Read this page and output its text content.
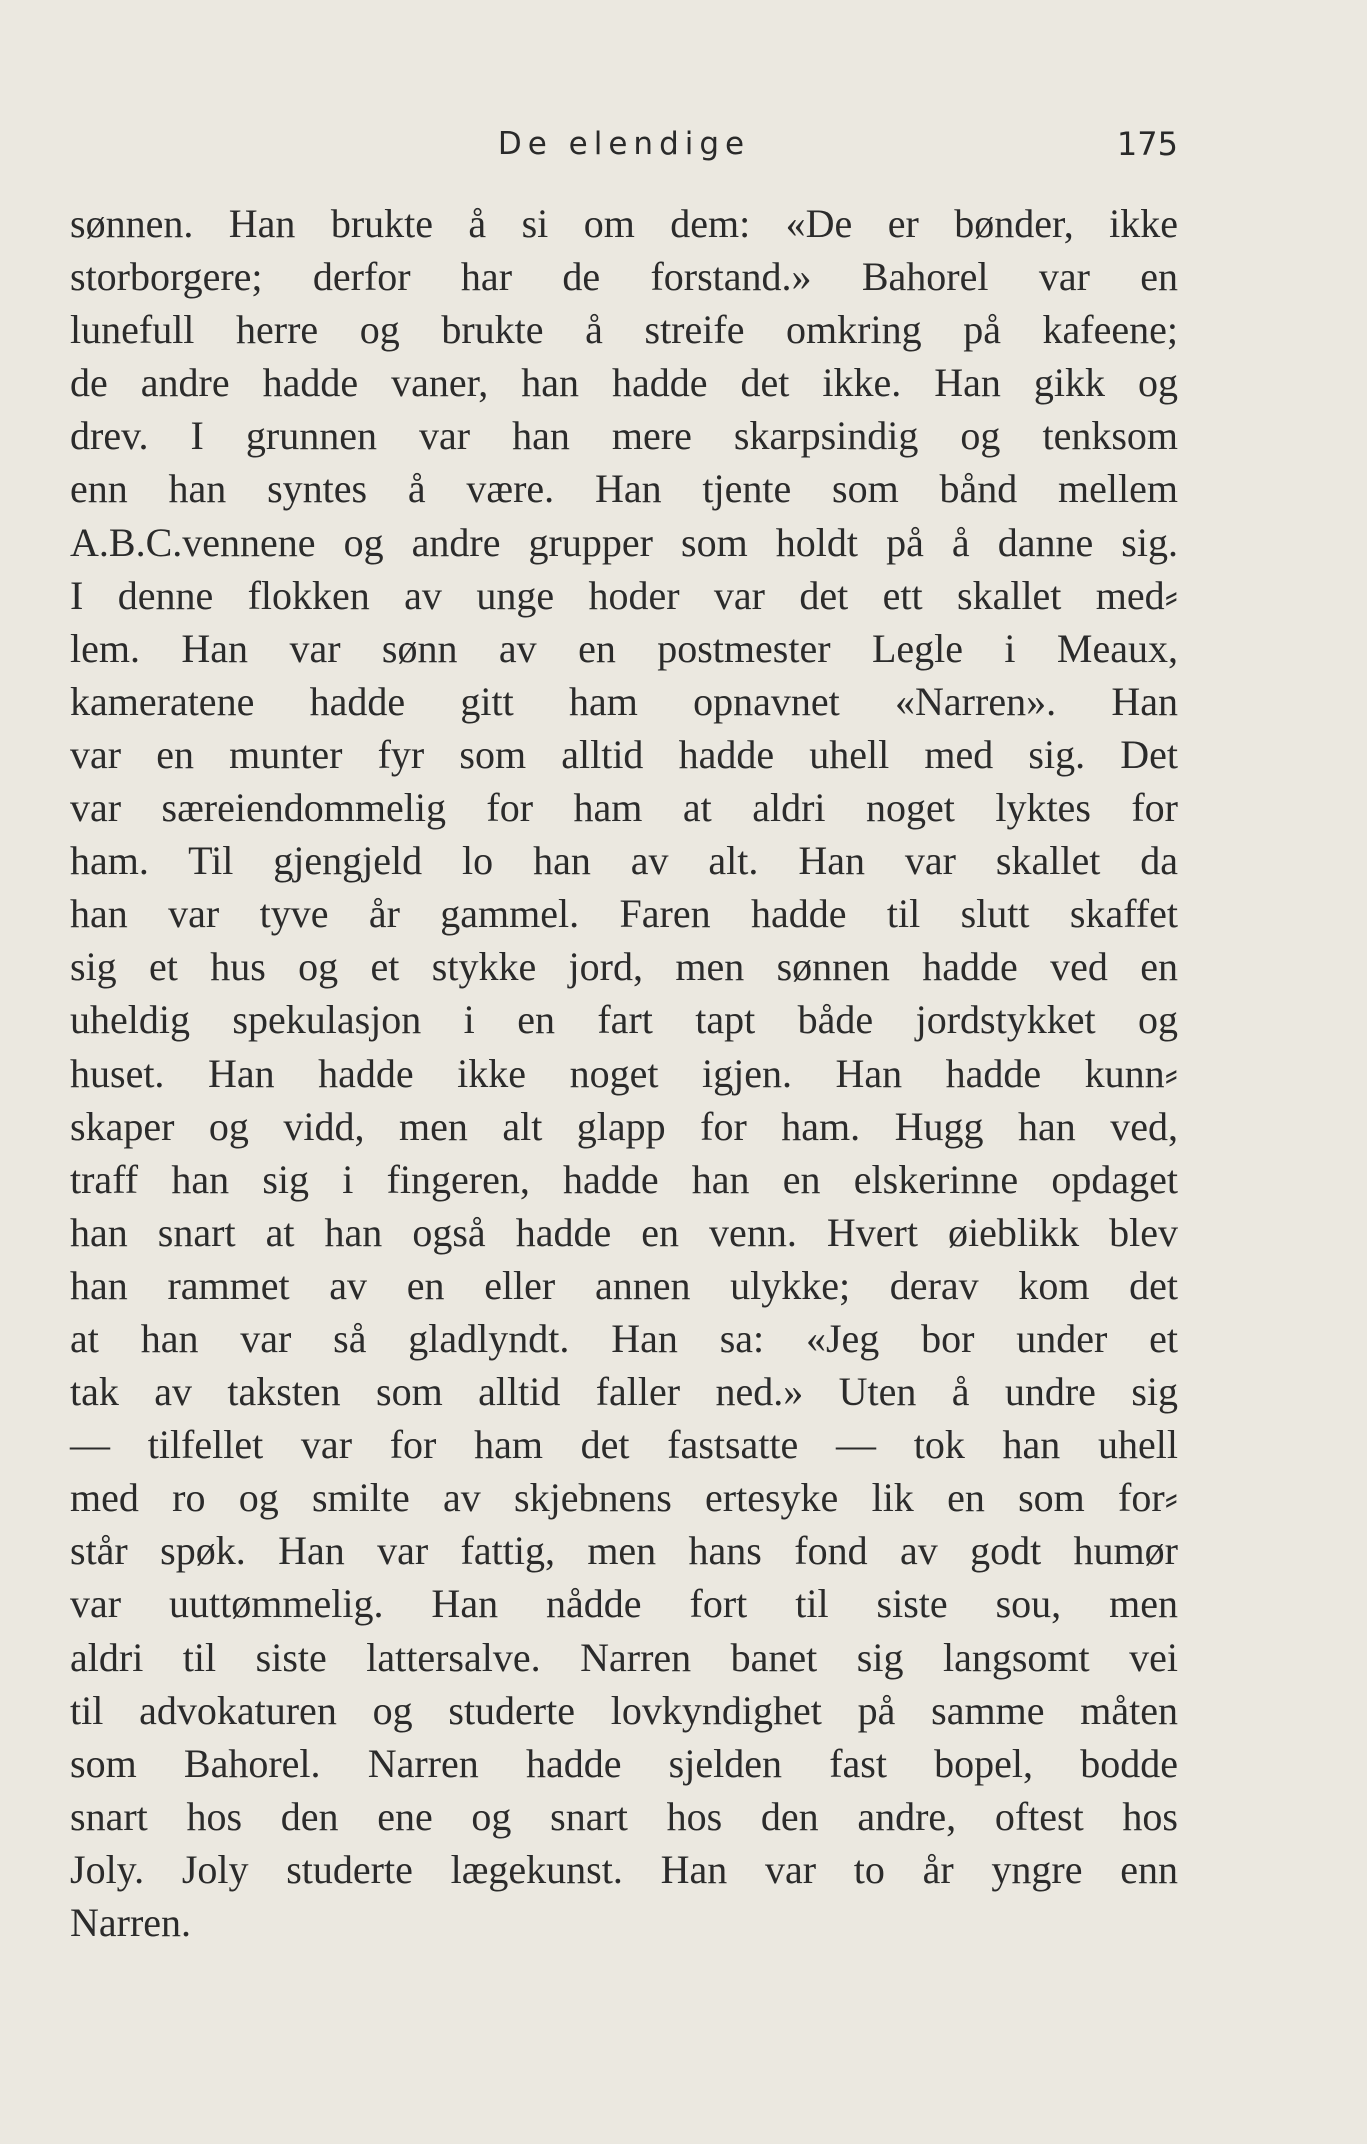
De elendige	175
sønnen. Han brukte å si om dem: «De er bønder, ikke
storborgere; derfor har de forstand.» Bahorel var en
lunefull herre og brukte å streife omkring på kafeene;
de andre hadde vaner, han hadde det ikke. Han gikk og
drev. I grunnen var han mere skarpsindig og tenksom
enn han syntes å være. Han tjente som bånd mellem
A.B.C.vennene og andre grupper som holdt på å danne sig.
I denne flokken av unge hoder var det ett skallet med⸗
lem. Han var sønn av en postmester Legle i Meaux,
kameratene hadde gitt ham opnavnet «Narren». Han
var en munter fyr som alltid hadde uhell med sig. Det
var særeiendommelig for ham at aldri noget lyktes for
ham. Til gjengjeld lo han av alt. Han var skallet da
han var tyve år gammel. Faren hadde til slutt skaffet
sig et hus og et stykke jord, men sønnen hadde ved en
uheldig spekulasjon i en fart tapt både jordstykket og
huset. Han hadde ikke noget igjen. Han hadde kunn⸗
skaper og vidd, men alt glapp for ham. Hugg han ved,
traff han sig i fingeren, hadde han en elskerinne opdaget
han snart at han også hadde en venn. Hvert øieblikk blev
han rammet av en eller annen ulykke; derav kom det
at han var så gladlyndt. Han sa: «Jeg bor under et
tak av taksten som alltid faller ned.» Uten å undre sig
— tilfellet var for ham det fastsatte — tok han uhell
med ro og smilte av skjebnens ertesyke lik en som for⸗
står spøk. Han var fattig, men hans fond av godt humør
var uuttømmelig. Han nådde fort til siste sou, men
aldri til siste lattersalve. Narren banet sig langsomt vei
til advokaturen og studerte lovkyndighet på samme måten
som Bahorel. Narren hadde sjelden fast bopel, bodde
snart hos den ene og snart hos den andre, oftest hos
Joly. Joly studerte lægekunst. Han var to år yngre enn
Narren.
